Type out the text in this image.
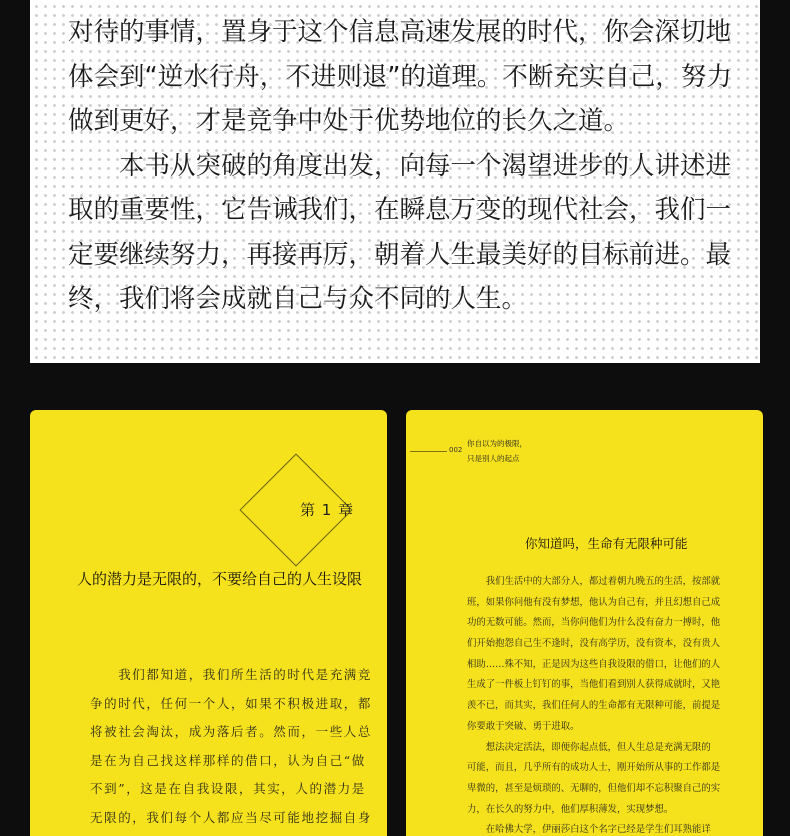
对待的事情，置身于这个信息高速发展的时代，你会深切地
体会到“逆水行舟，不进则退”的道理。不断充实自己，努力
做到更好，才是竞争中处于优势地位的长久之道。
　　本书从突破的角度出发，向每一个渴望进步的人讲述进
取的重要性，它告诫我们，在瞬息万变的现代社会，我们一
定要继续努力，再接再厉，朝着人生最美好的目标前进。最
终，我们将会成就自己与众不同的人生。
第 1 章
人的潜力是无限的，不要给自己的人生设限
　　我们都知道，我们所生活的时代是充满竞
争的时代，任何一个人，如果不积极进取，都
将被社会淘汰，成为落后者。然而，一些人总
是在为自己找这样那样的借口，认为自己“做
不到”，这是在自我设限，其实，人的潜力是
无限的，我们每个人都应当尽可能地挖掘自身
002
你自以为的极限，
只是别人的起点
你知道吗，生命有无限种可能
　　我们生活中的大部分人，都过着朝九晚五的生活，按部就
班，如果你问他有没有梦想，他认为自己有，并且幻想自己成
功的无数可能。然而，当你问他们为什么没有奋力一搏时，他
们开始抱怨自己生不逢时，没有高学历，没有资本，没有贵人
相助……殊不知，正是因为这些自我设限的借口，让他们的人
生成了一件板上钉钉的事，当他们看到别人获得成就时，又艳
羡不已，而其实，我们任何人的生命都有无限种可能，前提是
你要敢于突破、勇于进取。
　　想法决定活法，即便你起点低，但人生总是充满无限的
可能，而且，几乎所有的成功人士，刚开始所从事的工作都是
卑微的，甚至是烦琐的、无聊的，但他们却不忘积聚自己的实
力，在长久的努力中，他们厚积薄发，实现梦想。
　　在哈佛大学，伊丽莎白这个名字已经是学生们耳熟能详
